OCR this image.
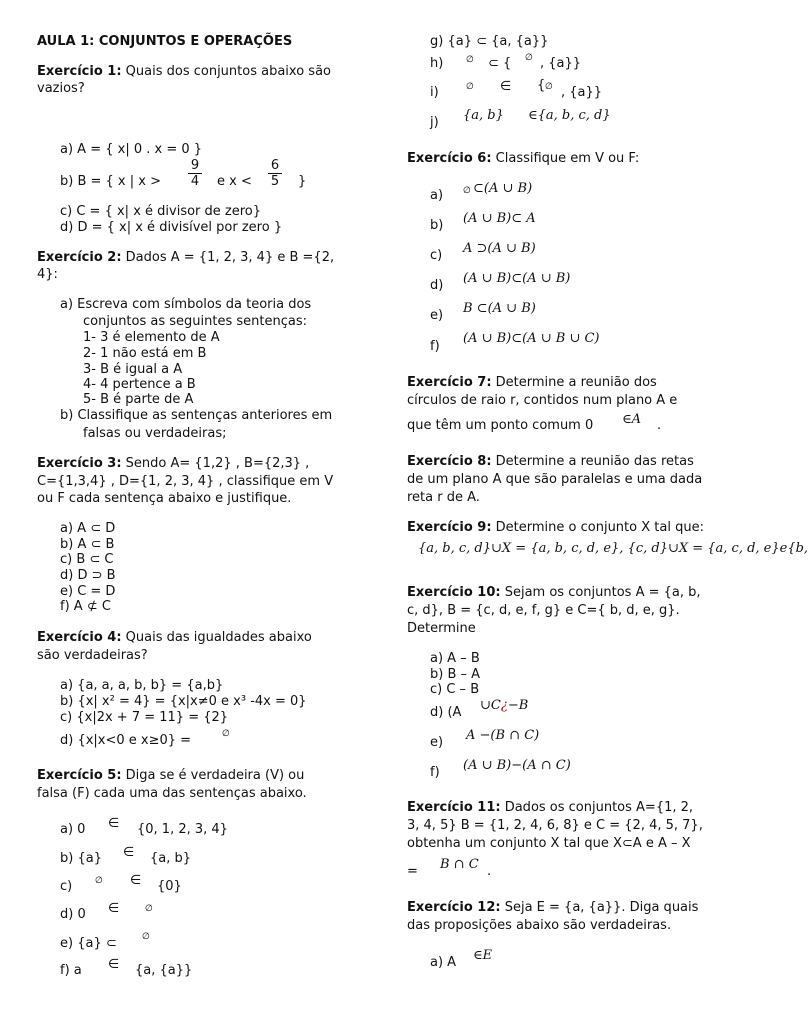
AULA 1: CONJUNTOS E OPERAÇÕES
Exercício 1: Quais dos conjuntos abaixo são
vazios?
a) A = { x| 0 . x = 0 }
b) B = { x | $x > \frac{9}{4}$ e $x < \frac{6}{5}$ }
c) C = { x| x é divisor de zero}
d) D = { x| x é divisível por zero }
Exercício 2: Dados A = {1, 2, 3, 4} e B ={2,
4}:
a) Escreva com símbolos da teoria dos
conjuntos as seguintes sentenças:
1- 3 é elemento de A
2- 1 não está em B
3- B é igual a A
4- 4 pertence a B
5- B é parte de A
b) Classifique as sentenças anteriores em
falsas ou verdadeiras;
Exercício 3: Sendo A= {1,2} , B={2,3} ,
C={1,3,4} , D={1, 2, 3, 4} , classifique em V
ou F cada sentença abaixo e justifique.
a) A ⊂ D
b) A ⊂ B
c) B ⊂ C
d) D ⊃ B
e) C = D
f) A ⊄ C
Exercício 4: Quais das igualdades abaixo
são verdadeiras?
a) {a, a, a, b, b} = {a,b}
b) {x| x² = 4} = {x|x≠0 e x³ -4x = 0}
c) {x|2x + 7 = 11} = {2}
d) {x|x<0 e x≥0} =	∅
Exercício 5: Diga se é verdadeira (V) ou
falsa (F) cada uma das sentenças abaixo.
a) 0 ∈ {0, 1, 2, 3, 4}
b) {a} ∈ {a, b}
c)	∅ ∈ {0}
d) 0 ∈	∅
e) {a} ⊂	∅
f) a ∈ {a, {a}}
g) {a} ⊂ {a, {a}}
h)	∅ ⊂ { ∅ , {a}}
i)	∅ ∈ { ∅ , {a}}
j) {a, b} ∈{a, b, c, d}
Exercício 6: Classifique em V ou F:
a) ∅ ⊂(A ∪ B)
b) (A ∪ B)⊂ A
c) A ⊃(A ∪ B)
d) (A ∪ B)⊂(A ∪ B)
e) B ⊂(A ∪ B)
f)
(A ∪ B)⊂(A ∪ B ∪ C)
Exercício 7: Determine a reunião dos
círculos de raio r, contidos num plano A e
que têm um ponto comum 0 ∈A .
Exercício 8: Determine a reunião das retas
de um plano A que são paralelas e uma dada
reta r de A.
Exercício 9: Determine o conjunto X tal que:
{a, b, c, d}∪X = {a, b, c, d, e}, {c, d}∪X = {a, c, d, e}e{b,
Exercício 10: Sejam os conjuntos A = {a, b,
c, d}, B = {c, d, e, f, g} e C={ b, d, e, g}.
Determine
a) A – B
b) B – A
c) C – B
d) (A ∪C¿−B
e) A −(B ∩ C)
f) (A ∪ B)−(A ∩ C)
Exercício 11: Dados os conjuntos A={1, 2,
3, 4, 5} B = {1, 2, 4, 6, 8} e C = {2, 4, 5, 7},
obtenha um conjunto X tal que X⊂A e A – X
= B ∩ C .
Exercício 12: Seja E = {a, {a}}. Diga quais
das proposições abaixo são verdadeiras.
a) A ∈E
